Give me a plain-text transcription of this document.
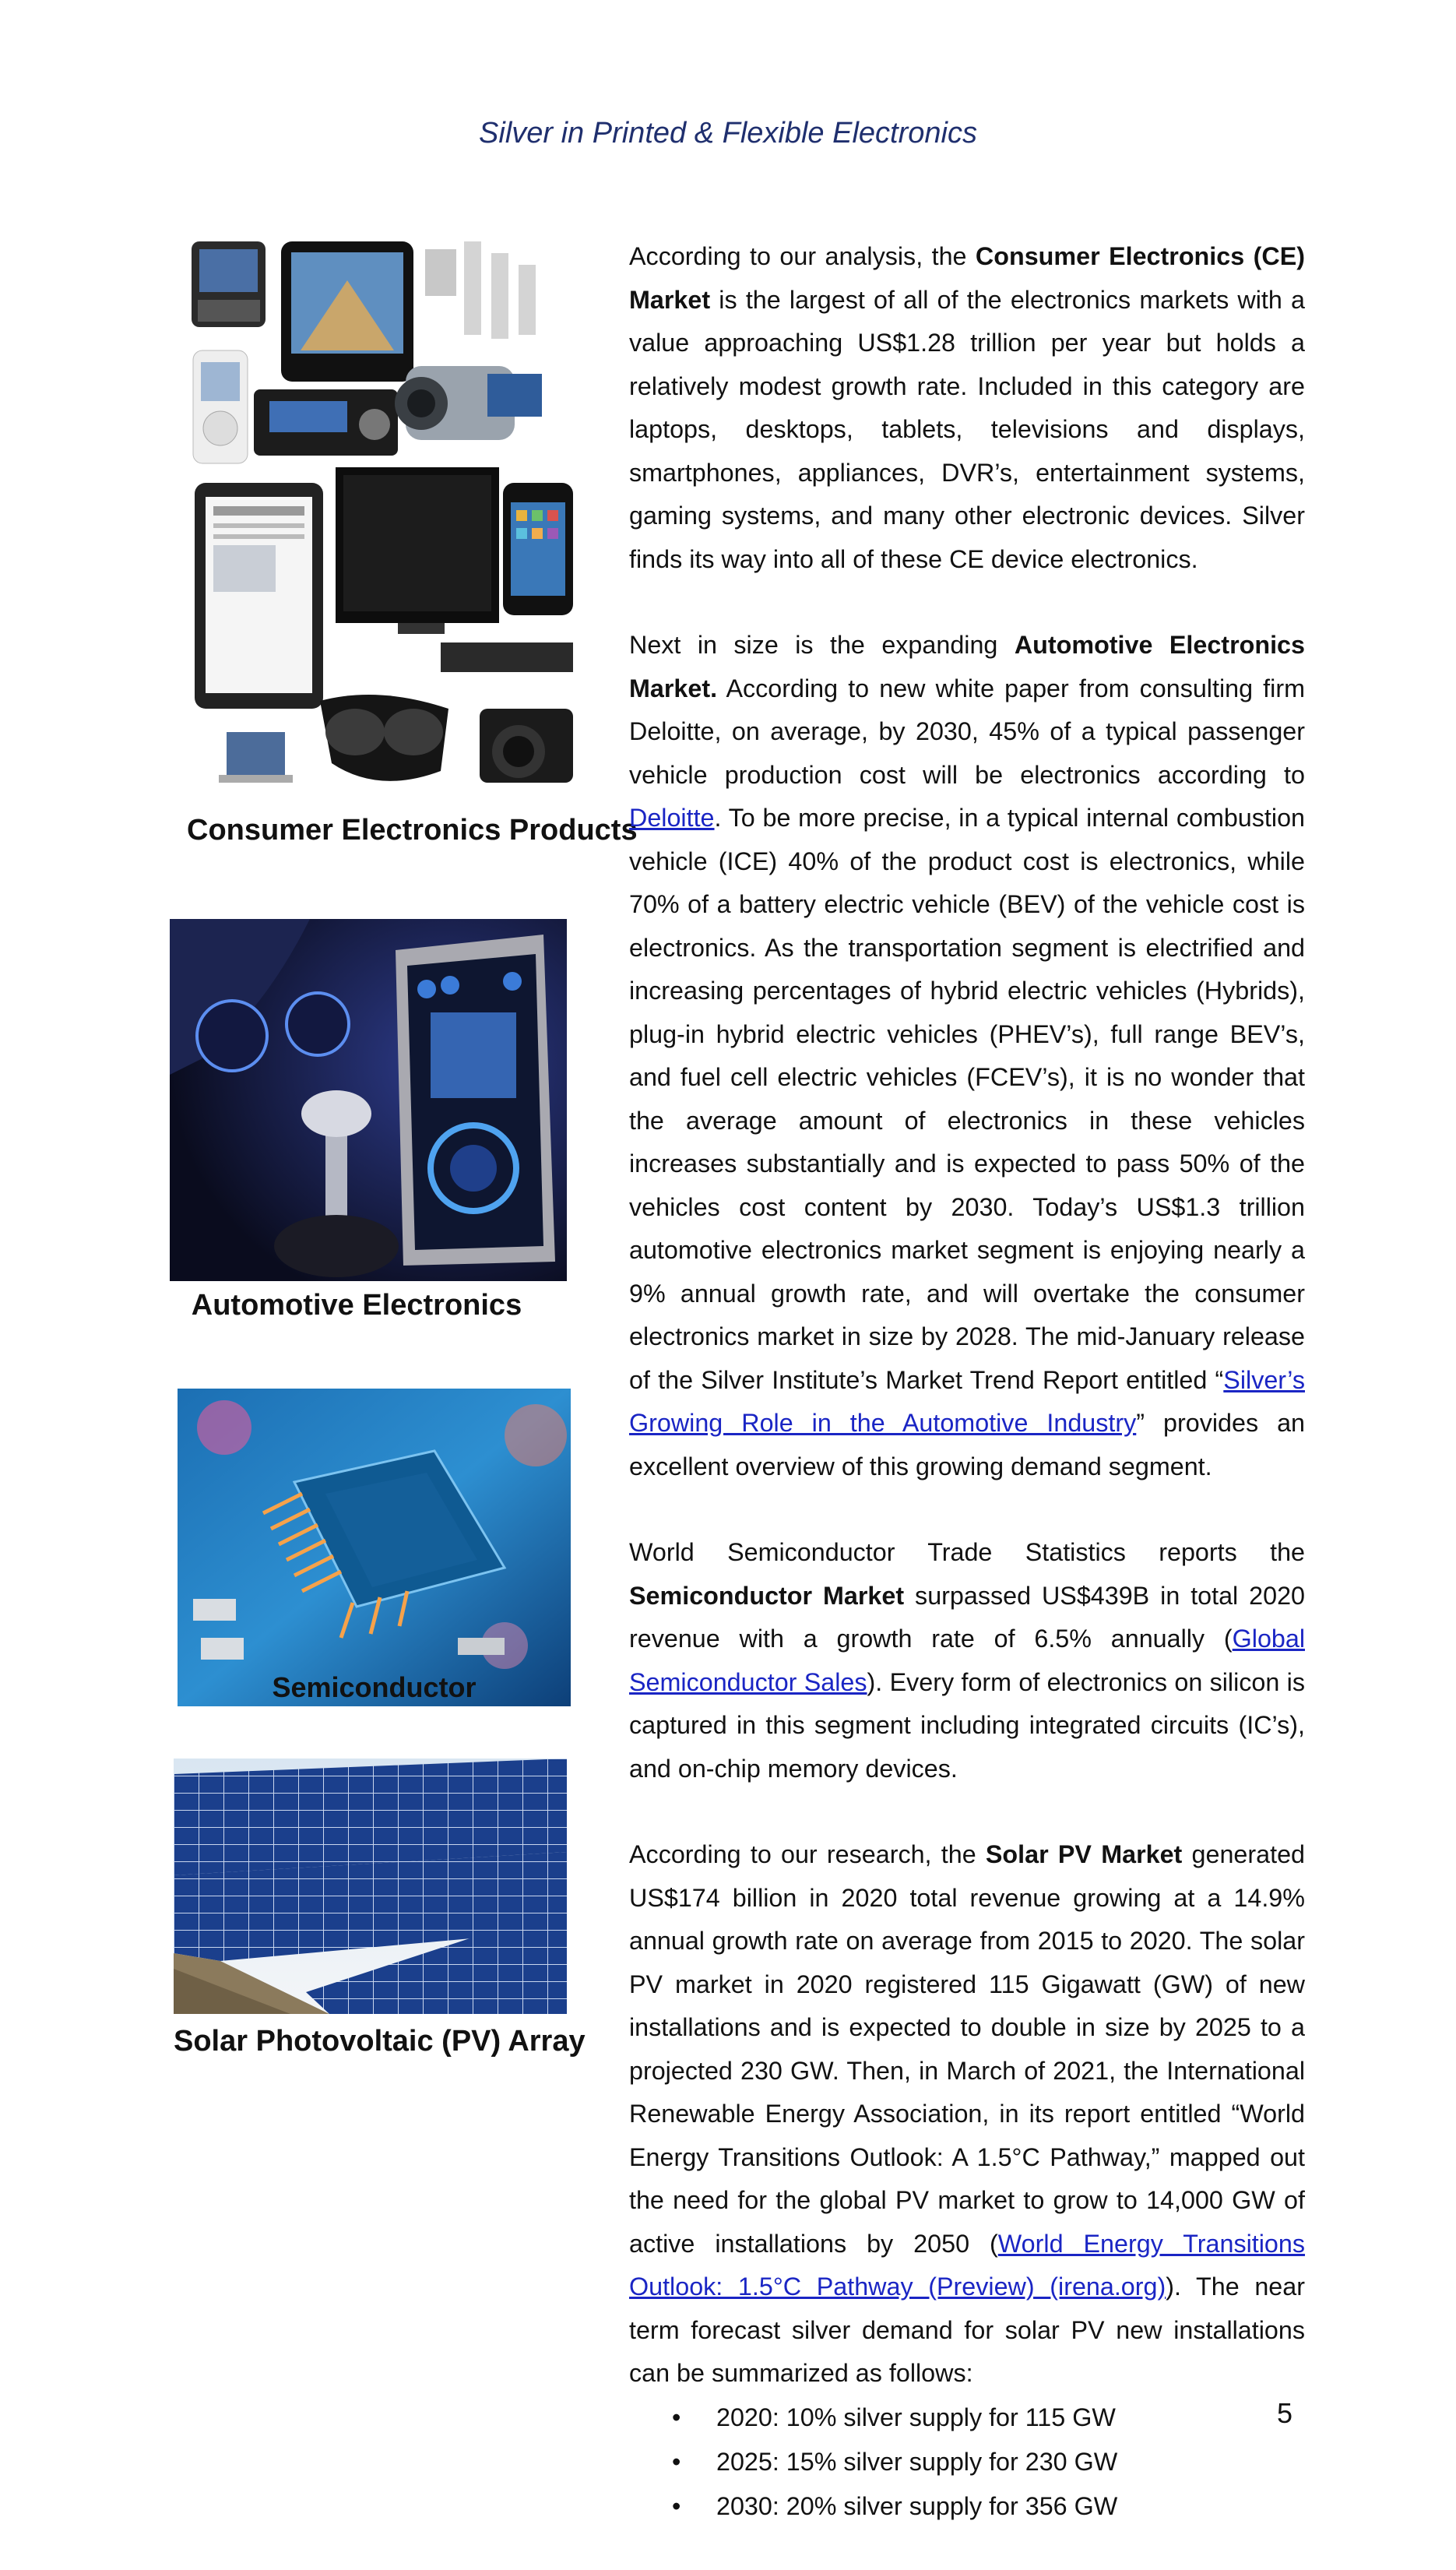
Silver in Printed & Flexible Electronics
Consumer Electronics Products
Automotive Electronics
Semiconductor
Solar Photovoltaic (PV) Array

According to our analysis, the Consumer Electronics (CE) Market is the largest of all of the electronics markets with a value approaching US$1.28 trillion per year but holds a relatively modest growth rate. Included in this category are laptops, desktops, tablets, televisions and displays, smartphones, appliances, DVR’s, entertainment systems, gaming systems, and many other electronic devices. Silver finds its way into all of these CE device electronics.

Next in size is the expanding Automotive Electronics Market. According to new white paper from consulting firm Deloitte, on average, by 2030, 45% of a typical passenger vehicle production cost will be electronics according to Deloitte. To be more precise, in a typical internal combustion vehicle (ICE) 40% of the product cost is electronics, while 70% of a battery electric vehicle (BEV) of the vehicle cost is electronics. As the transportation segment is electrified and increasing percentages of hybrid electric vehicles (Hybrids), plug-in hybrid electric vehicles (PHEV’s), full range BEV’s, and fuel cell electric vehicles (FCEV’s), it is no wonder that the average amount of electronics in these vehicles increases substantially and is expected to pass 50% of the vehicles cost content by 2030. Today’s US$1.3 trillion automotive electronics market segment is enjoying nearly a 9% annual growth rate, and will overtake the consumer electronics market in size by 2028. The mid-January release of the Silver Institute’s Market Trend Report entitled “Silver’s Growing Role in the Automotive Industry” provides an excellent overview of this growing demand segment.

World Semiconductor Trade Statistics reports the Semiconductor Market surpassed US$439B in total 2020 revenue with a growth rate of 6.5% annually (Global Semiconductor Sales). Every form of electronics on silicon is captured in this segment including integrated circuits (IC’s), and on-chip memory devices.

According to our research, the Solar PV Market generated US$174 billion in 2020 total revenue growing at a 14.9% annual growth rate on average from 2015 to 2020. The solar PV market in 2020 registered 115 Gigawatt (GW) of new installations and is expected to double in size by 2025 to a projected 230 GW. Then, in March of 2021, the International Renewable Energy Association, in its report entitled “World Energy Transitions Outlook: A 1.5°C Pathway,” mapped out the need for the global PV market to grow to 14,000 GW of active installations by 2050 (World Energy Transitions Outlook: 1.5°C Pathway (Preview) (irena.org)). The near term forecast silver demand for solar PV new installations can be summarized as follows:

• 2020: 10% silver supply for 115 GW
• 2025: 15% silver supply for 230 GW
• 2030: 20% silver supply for 356 GW
5
